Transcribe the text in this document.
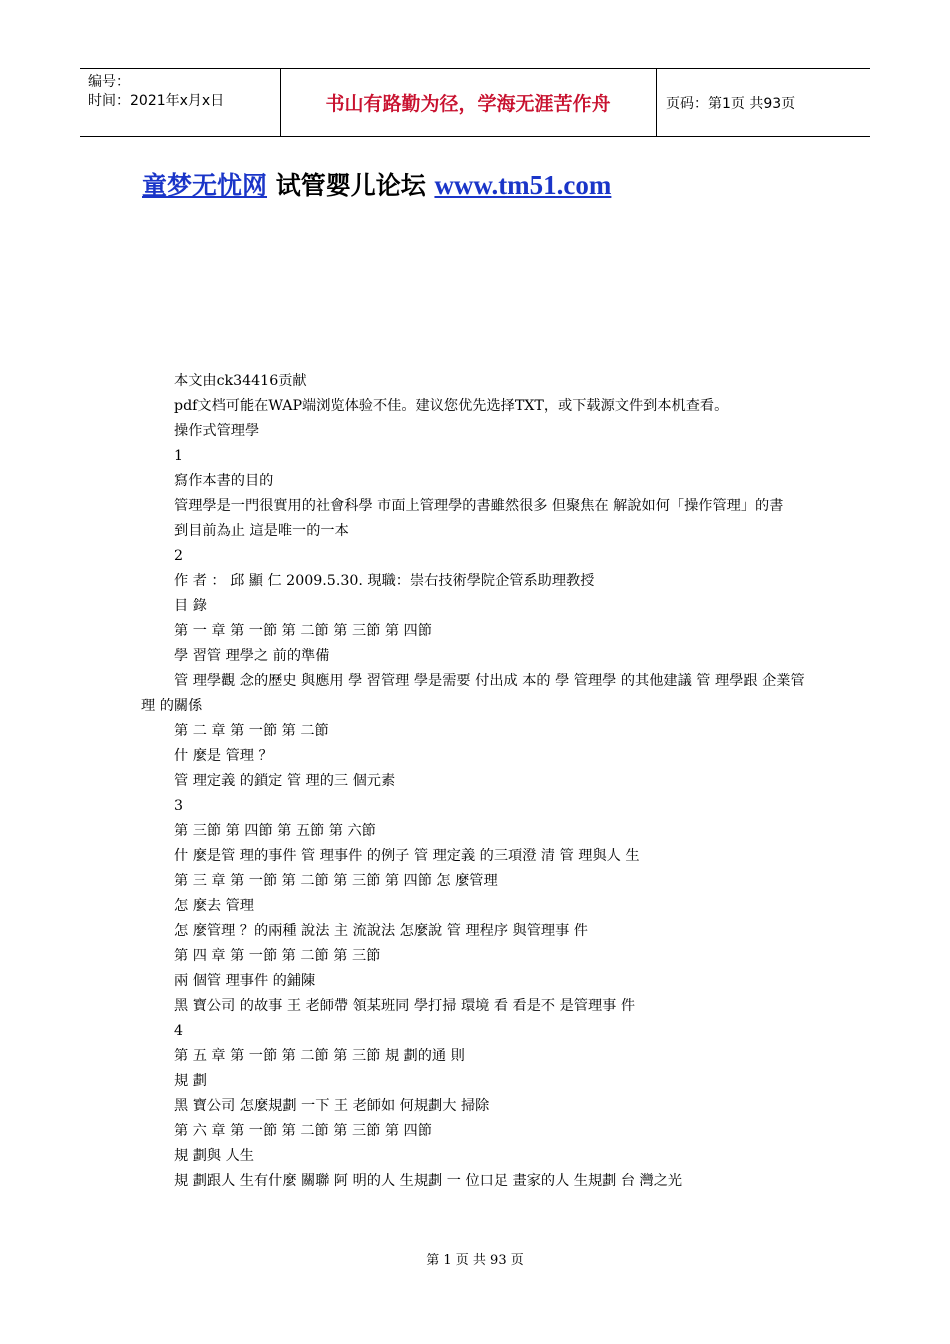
编号：
时间：2021年x月x日	书山有路勤为径，学海无涯苦作舟	页码：第1页 共93页
童梦无忧网 试管婴儿论坛 www.tm51.com

本文由ck34416贡献

pdf文档可能在WAP端浏览体验不佳。建议您优先选择TXT，或下载源文件到本机查看。

操作式管理學

1

寫作本書的目的

管理學是一門很實用的社會科學 市面上管理學的書雖然很多 但聚焦在 解說如何「操作管理」的書

到目前為止 這是唯一的一本

2

作 者 ： 邱 顯 仁 2009.5.30. 現職：崇右技術學院企管系助理教授

目 錄

第 一 章 第 一節 第 二節 第 三節 第 四節

學 習管 理學之 前的準備

管 理學觀 念的歷史 與應用 學 習管理 學是需要 付出成 本的 學 管理學 的其他建議 管 理學跟 企業管理 的關係

第 二 章 第 一節 第 二節

什 麼是 管理 ？

管 理定義 的鎖定 管 理的三 個元素

3

第 三節 第 四節 第 五節 第 六節

什 麼是管 理的事件 管 理事件 的例子 管 理定義 的三項澄 清 管 理與人 生

第 三 章 第 一節 第 二節 第 三節 第 四節 怎 麼管理

怎 麼去 管理

怎 麼管理 ？的兩種 說法 主 流說法 怎麼說 管 理程序 與管理事 件

第 四 章 第 一節 第 二節 第 三節

兩 個管 理事件 的鋪陳

黑 寶公司 的故事 王 老師帶 領某班同 學打掃 環境 看 看是不 是管理事 件

4

第 五 章 第 一節 第 二節 第 三節 規 劃的通 則

規 劃

黑 寶公司 怎麼規劃 一下 王 老師如 何規劃大 掃除

第 六 章 第 一節 第 二節 第 三節 第 四節

規 劃與 人生

規 劃跟人 生有什麼 關聯 阿 明的人 生規劃 一 位口足 畫家的人 生規劃 台 灣之光

第 1 页 共 93 页
